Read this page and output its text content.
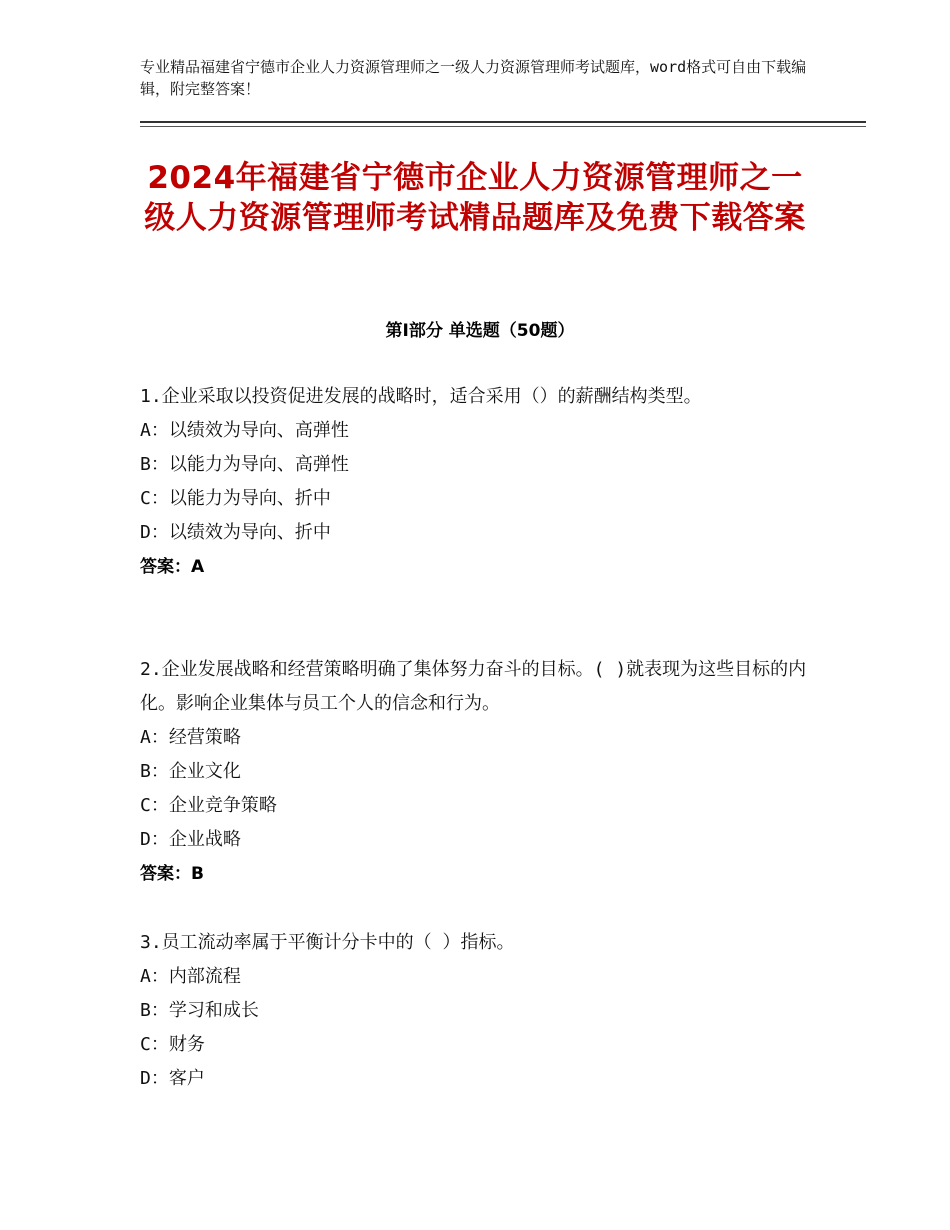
专业精品福建省宁德市企业人力资源管理师之一级人力资源管理师考试题库，word格式可自由下载编辑，附完整答案！
2024年福建省宁德市企业人力资源管理师之一级人力资源管理师考试精品题库及免费下载答案
第Ⅰ部分 单选题（50题）
1.企业采取以投资促进发展的战略时，适合采用（）的薪酬结构类型。
A：以绩效为导向、高弹性
B：以能力为导向、高弹性
C：以能力为导向、折中
D：以绩效为导向、折中
答案：A
2.企业发展战略和经营策略明确了集体努力奋斗的目标。( )就表现为这些目标的内化。影响企业集体与员工个人的信念和行为。
A：经营策略
B：企业文化
C：企业竞争策略
D：企业战略
答案：B
3.员工流动率属于平衡计分卡中的（ ）指标。
A：内部流程
B：学习和成长
C：财务
D：客户
